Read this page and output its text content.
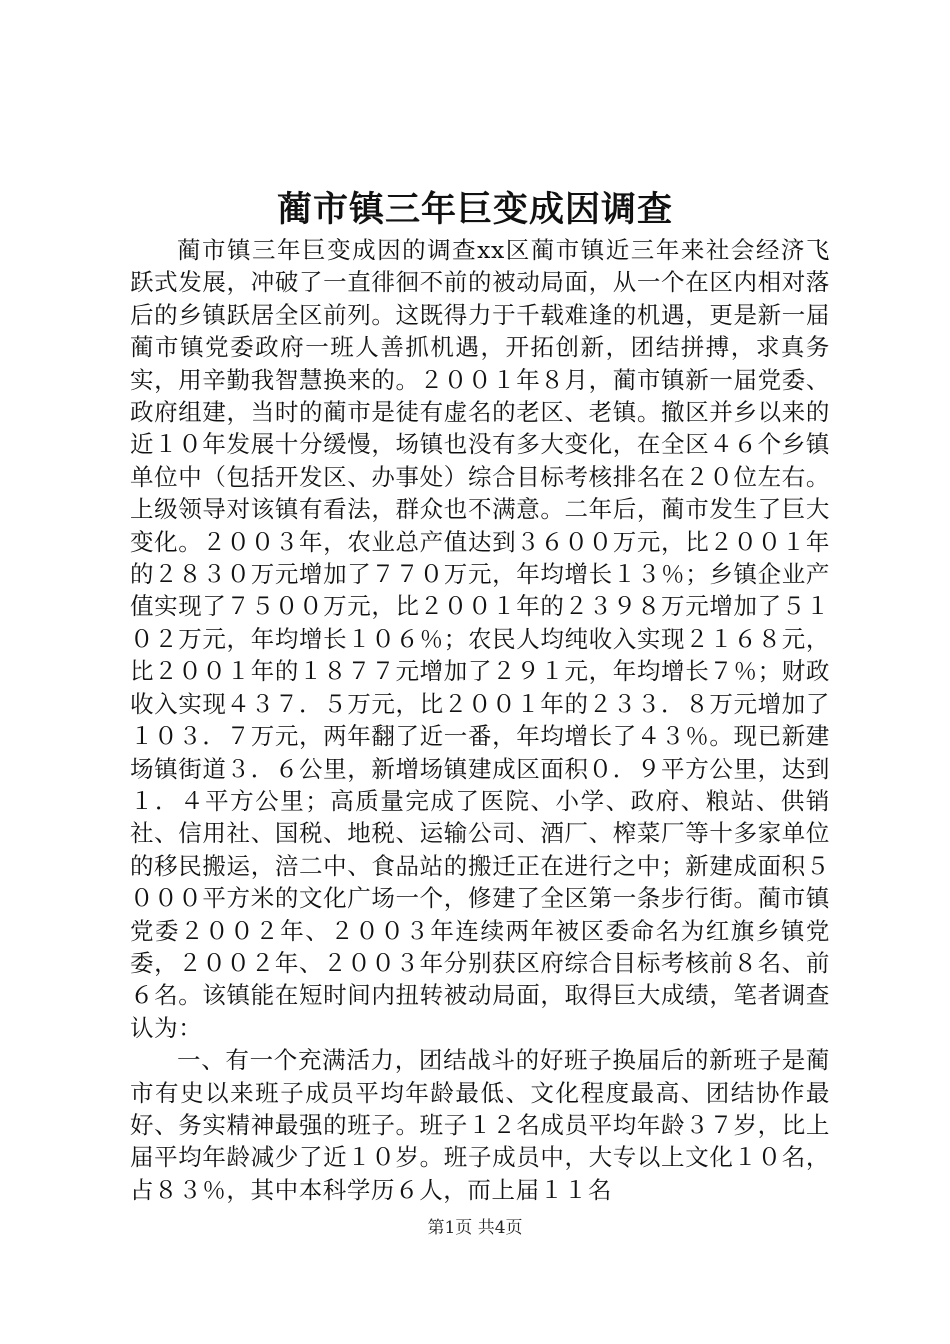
蔺市镇三年巨变成因调查

蔺市镇三年巨变成因的调查xx区蔺市镇近三年来社会经济飞跃式发展，冲破了一直徘徊不前的被动局面，从一个在区内相对落后的乡镇跃居全区前列。这既得力于千载难逢的机遇，更是新一届蔺市镇党委政府一班人善抓机遇，开拓创新，团结拼搏，求真务实，用辛勤我智慧换来的。２００１年８月，蔺市镇新一届党委、政府组建，当时的蔺市是徒有虚名的老区、老镇。撤区并乡以来的近１０年发展十分缓慢，场镇也没有多大变化，在全区４６个乡镇单位中（包括开发区、办事处）综合目标考核排名在２０位左右。上级领导对该镇有看法，群众也不满意。二年后，蔺市发生了巨大变化。２００３年，农业总产值达到３６００万元，比２００１年的２８３０万元增加了７７０万元，年均增长１３％；乡镇企业产值实现了７５００万元，比２００１年的２３９８万元增加了５１０２万元，年均增长１０６％；农民人均纯收入实现２１６８元，比２００１年的１８７７元增加了２９１元，年均增长７％；财政收入实现４３７．５万元，比２００１年的２３３．８万元增加了１０３．７万元，两年翻了近一番，年均增长了４３％。现已新建场镇街道３．６公里，新增场镇建成区面积０．９平方公里，达到１．４平方公里；高质量完成了医院、小学、政府、粮站、供销社、信用社、国税、地税、运输公司、酒厂、榨菜厂等十多家单位的移民搬运，涪二中、食品站的搬迁正在进行之中；新建成面积５０００平方米的文化广场一个，修建了全区第一条步行街。蔺市镇党委２００２年、２００３年连续两年被区委命名为红旗乡镇党委，２００２年、２００３年分别获区府综合目标考核前８名、前６名。该镇能在短时间内扭转被动局面，取得巨大成绩，笔者调查认为：

一、有一个充满活力，团结战斗的好班子换届后的新班子是蔺市有史以来班子成员平均年龄最低、文化程度最高、团结协作最好、务实精神最强的班子。班子１２名成员平均年龄３７岁，比上届平均年龄减少了近１０岁。班子成员中，大专以上文化１０名，占８３％，其中本科学历６人，而上届１１名

第1页 共4页
